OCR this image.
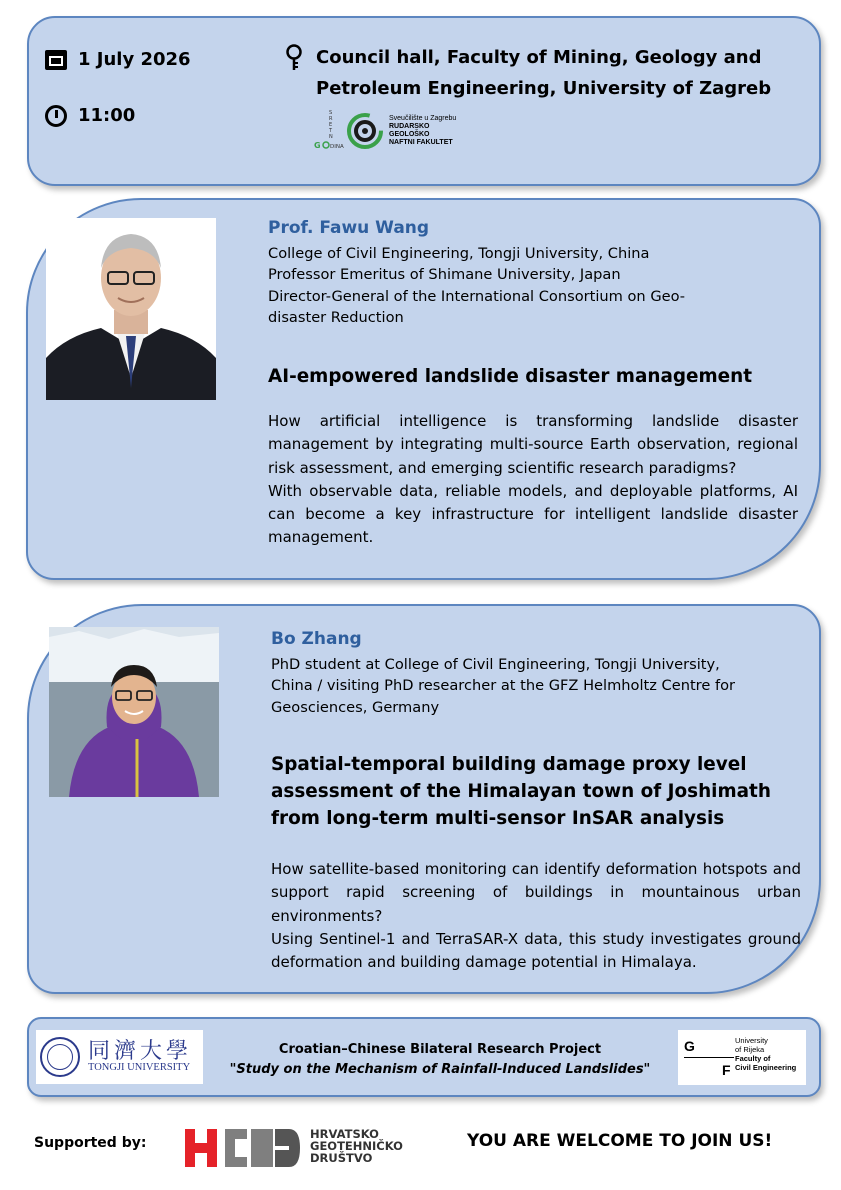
1 July 2026
11:00
Council hall, Faculty of Mining, Geology and
Petroleum Engineering, University of Zagreb
S
R
E
T
N
G DINA
Sveučilište u Zagrebu
RUDARSKO
GEOLOŠKO
NAFTNI FAKULTET
Prof. Fawu Wang
College of Civil Engineering, Tongji University, China
Professor Emeritus of Shimane University, Japan
Director-General of the International Consortium on Geo-
disaster Reduction
AI-empowered landslide disaster management

How artificial intelligence is transforming landslide disaster management by integrating multi-source Earth observation, regional risk assessment, and emerging scientific research paradigms?

With observable data, reliable models, and deployable platforms, AI can become a key infrastructure for intelligent landslide disaster management.

Bo Zhang
PhD student at College of Civil Engineering, Tongji University,
China / visiting PhD researcher at the GFZ Helmholtz Centre for
Geosciences, Germany
Spatial-temporal building damage proxy level
assessment of the Himalayan town of Joshimath
from long-term multi-sensor InSAR analysis

How satellite-based monitoring can identify deformation hotspots and support rapid screening of buildings in mountainous urban environments?

Using Sentinel-1 and TerraSAR-X data, this study investigates ground deformation and building damage potential in Himalaya.

同濟大學
TONGJI UNIVERSITY
Croatian–Chinese Bilateral Research Project
"Study on the Mechanism of Rainfall-Induced Landslides"
G
F
University
of Rijeka
Faculty of
Civil Engineering
Supported by:
HRVATSKO
GEOTEHNIČKO
DRUŠTVO
YOU ARE WELCOME TO JOIN US!
